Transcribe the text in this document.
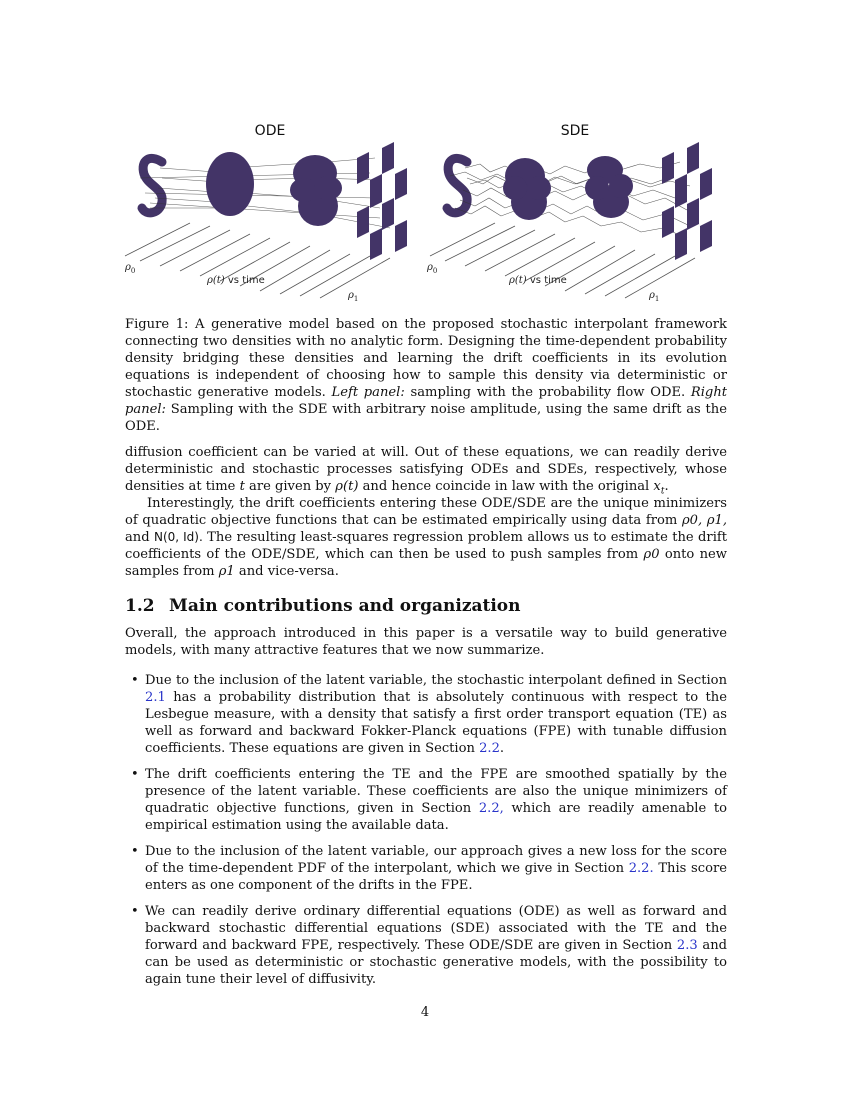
ODE
$\rho_0$
ρ(t) vs time
$\rho_1$
SDE
$\rho_0$
ρ(t) vs time
$\rho_1$
Figure 1: A generative model based on the proposed stochastic interpolant framework connecting two densities with no analytic form. Designing the time-dependent probability density bridging these densities and learning the drift coefficients in its evolution equations is independent of choosing how to sample this density via deterministic or stochastic generative models. Left panel: sampling with the probability flow ODE. Right panel: Sampling with the SDE with arbitrary noise amplitude, using the same drift as the ODE.
diffusion coefficient can be varied at will. Out of these equations, we can readily derive deterministic and stochastic processes satisfying ODEs and SDEs, respectively, whose densities at time t are given by ρ(t) and hence coincide in law with the original $x_t$.
Interestingly, the drift coefficients entering these ODE/SDE are the unique minimizers of quadratic objective functions that can be estimated empirically using data from ρ0, ρ1, and N(0, Id). The resulting least-squares regression problem allows us to estimate the drift coefficients of the ODE/SDE, which can then be used to push samples from ρ0 onto new samples from ρ1 and vice-versa.
1.2 Main contributions and organization
Overall, the approach introduced in this paper is a versatile way to build generative models, with many attractive features that we now summarize.
• Due to the inclusion of the latent variable, the stochastic interpolant defined in Section 2.1 has a probability distribution that is absolutely continuous with respect to the Lesbegue measure, with a density that satisfy a first order transport equation (TE) as well as forward and backward Fokker-Planck equations (FPE) with tunable diffusion coefficients. These equations are given in Section 2.2.
• The drift coefficients entering the TE and the FPE are smoothed spatially by the presence of the latent variable. These coefficients are also the unique minimizers of quadratic objective functions, given in Section 2.2, which are readily amenable to empirical estimation using the available data.
• Due to the inclusion of the latent variable, our approach gives a new loss for the score of the time-dependent PDF of the interpolant, which we give in Section 2.2. This score enters as one component of the drifts in the FPE.
• We can readily derive ordinary differential equations (ODE) as well as forward and backward stochastic differential equations (SDE) associated with the TE and the forward and backward FPE, respectively. These ODE/SDE are given in Section 2.3 and can be used as deterministic or stochastic generative models, with the possibility to again tune their level of diffusivity.
4
